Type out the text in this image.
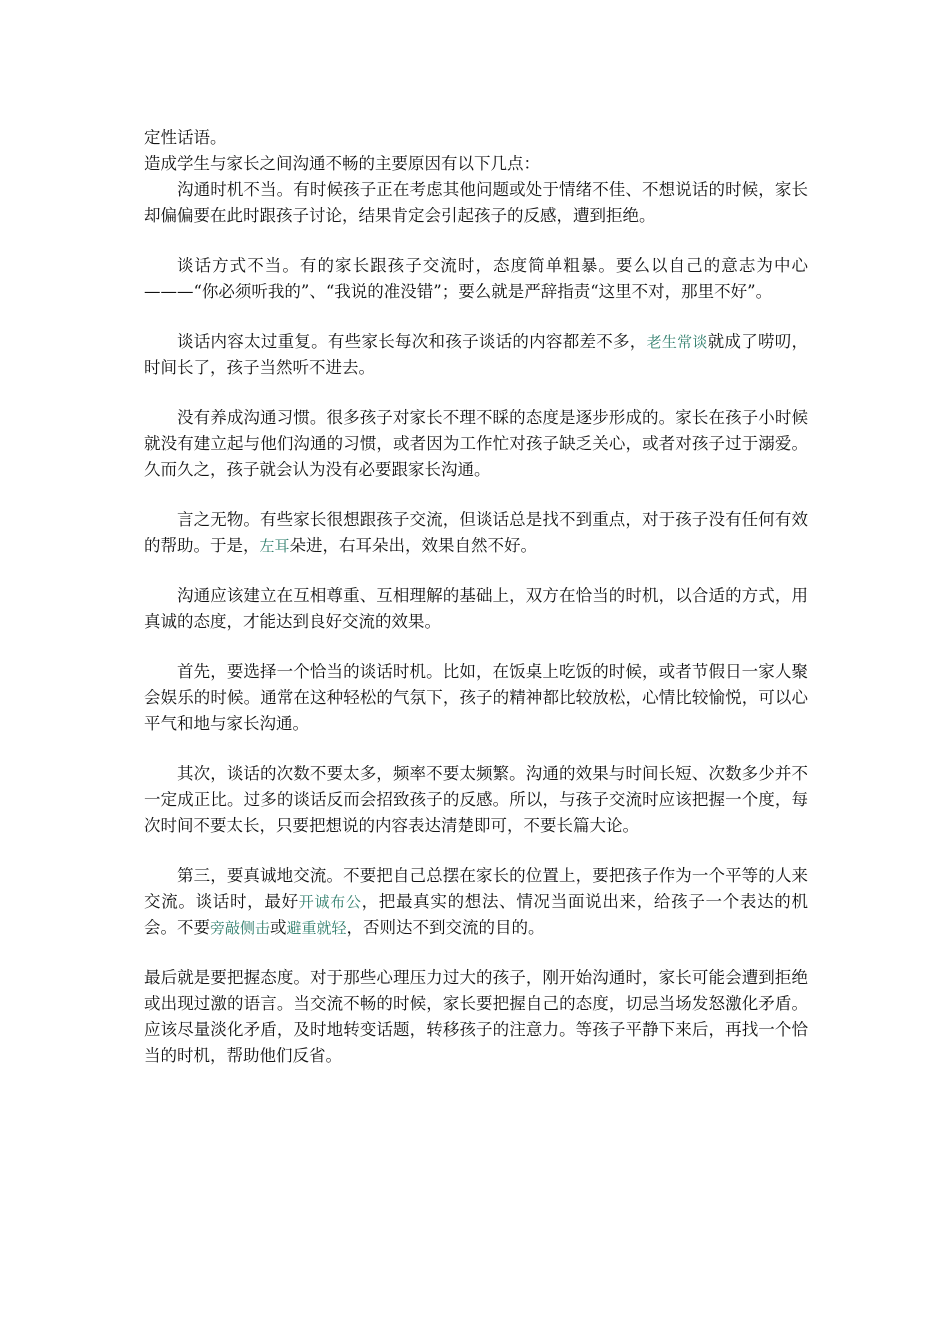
定性话语。

造成学生与家长之间沟通不畅的主要原因有以下几点：

沟通时机不当。有时候孩子正在考虑其他问题或处于情绪不佳、不想说话的时候，家长却偏偏要在此时跟孩子讨论，结果肯定会引起孩子的反感，遭到拒绝。

谈话方式不当。有的家长跟孩子交流时，态度简单粗暴。要么以自己的意志为中心———“你必须听我的”、“我说的准没错”；要么就是严辞指责“这里不对，那里不好”。

谈话内容太过重复。有些家长每次和孩子谈话的内容都差不多，老生常谈就成了唠叨，时间长了，孩子当然听不进去。

没有养成沟通习惯。很多孩子对家长不理不睬的态度是逐步形成的。家长在孩子小时候就没有建立起与他们沟通的习惯，或者因为工作忙对孩子缺乏关心，或者对孩子过于溺爱。久而久之，孩子就会认为没有必要跟家长沟通。

言之无物。有些家长很想跟孩子交流，但谈话总是找不到重点，对于孩子没有任何有效的帮助。于是，左耳朵进，右耳朵出，效果自然不好。

沟通应该建立在互相尊重、互相理解的基础上，双方在恰当的时机，以合适的方式，用真诚的态度，才能达到良好交流的效果。

首先，要选择一个恰当的谈话时机。比如，在饭桌上吃饭的时候，或者节假日一家人聚会娱乐的时候。通常在这种轻松的气氛下，孩子的精神都比较放松，心情比较愉悦，可以心平气和地与家长沟通。

其次，谈话的次数不要太多，频率不要太频繁。沟通的效果与时间长短、次数多少并不一定成正比。过多的谈话反而会招致孩子的反感。所以，与孩子交流时应该把握一个度，每次时间不要太长，只要把想说的内容表达清楚即可，不要长篇大论。

第三，要真诚地交流。不要把自己总摆在家长的位置上，要把孩子作为一个平等的人来交流。谈话时，最好开诚布公，把最真实的想法、情况当面说出来，给孩子一个表达的机会。不要旁敲侧击或避重就轻，否则达不到交流的目的。

最后就是要把握态度。对于那些心理压力过大的孩子，刚开始沟通时，家长可能会遭到拒绝或出现过激的语言。当交流不畅的时候，家长要把握自己的态度，切忌当场发怒激化矛盾。应该尽量淡化矛盾，及时地转变话题，转移孩子的注意力。等孩子平静下来后，再找一个恰当的时机，帮助他们反省。
